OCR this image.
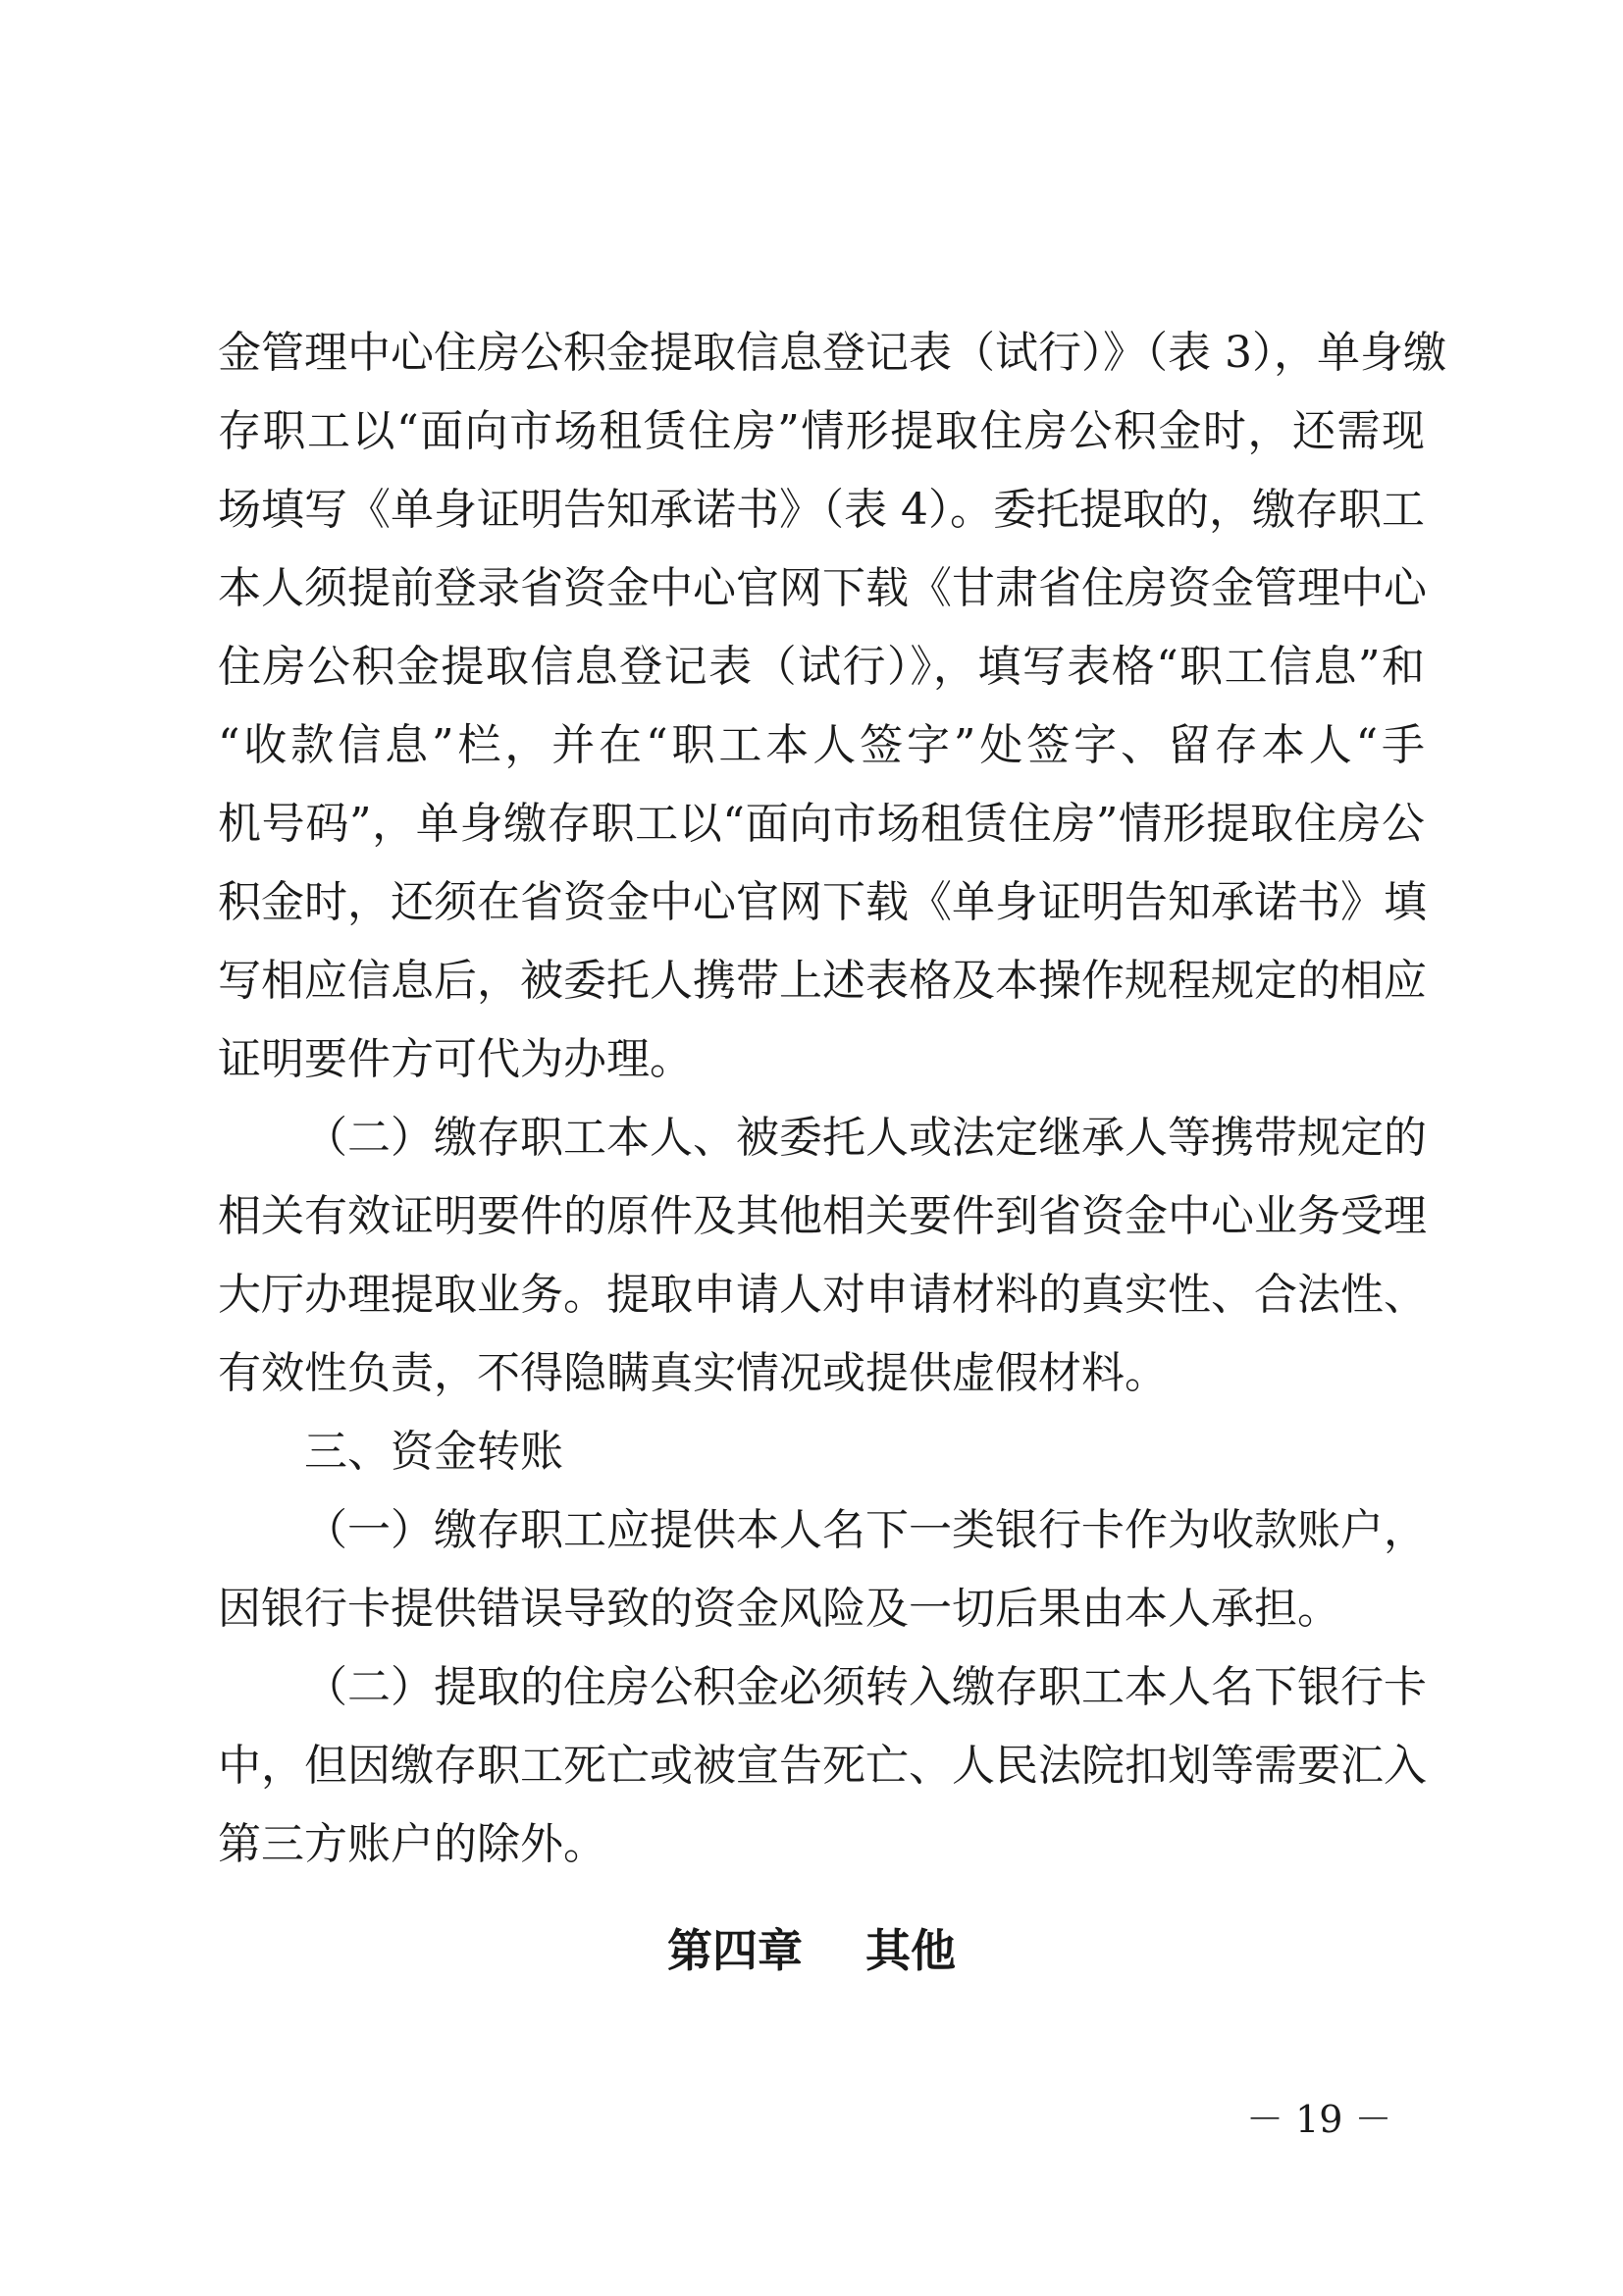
金管理中心住房公积金提取信息登记表（试行）》（表 3），单身缴
存职工以“面向市场租赁住房”情形提取住房公积金时，还需现
场填写《单身证明告知承诺书》（表 4）。委托提取的，缴存职工
本人须提前登录省资金中心官网下载《甘肃省住房资金管理中心
住房公积金提取信息登记表（试行）》，填写表格“职工信息”和
“收款信息”栏，并在“职工本人签字”处签字、留存本人“手
机号码”，单身缴存职工以“面向市场租赁住房”情形提取住房公
积金时，还须在省资金中心官网下载《单身证明告知承诺书》填
写相应信息后，被委托人携带上述表格及本操作规程规定的相应
证明要件方可代为办理。
（二）缴存职工本人、被委托人或法定继承人等携带规定的
相关有效证明要件的原件及其他相关要件到省资金中心业务受理
大厅办理提取业务。提取申请人对申请材料的真实性、合法性、
有效性负责，不得隐瞒真实情况或提供虚假材料。
三、资金转账
（一）缴存职工应提供本人名下一类银行卡作为收款账户，
因银行卡提供错误导致的资金风险及一切后果由本人承担。
（二）提取的住房公积金必须转入缴存职工本人名下银行卡
中，但因缴存职工死亡或被宣告死亡、人民法院扣划等需要汇入
第三方账户的除外。
第四章    其他
－ 19 －
